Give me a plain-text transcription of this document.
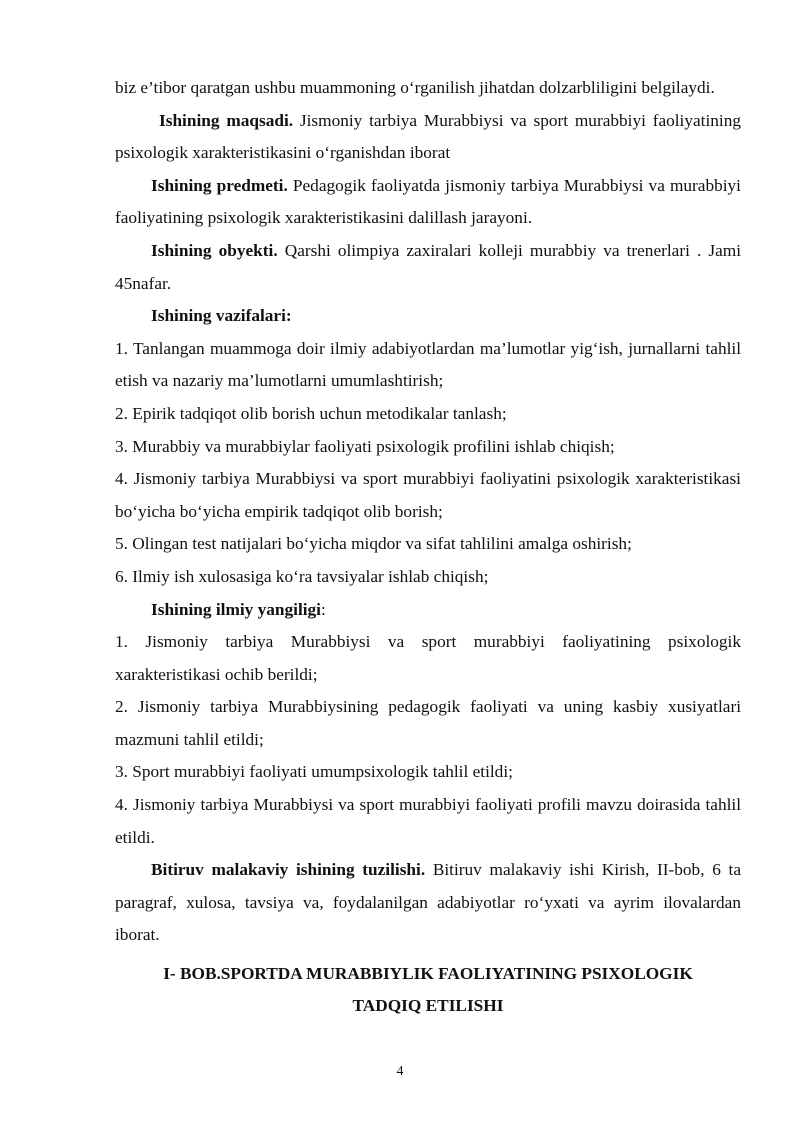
biz e’tibor qaratgan ushbu muammoning o‘rganilish jihatdan dolzarbliligini belgilaydi.

Ishining maqsadi. Jismoniy tarbiya Murabbiysi va sport murabbiyi faoliyatining psixologik xarakteristikasini o‘rganishdan iborat

Ishining predmeti. Pedagogik faoliyatda jismoniy tarbiya Murabbiysi va murabbiyi faoliyatining psixologik xarakteristikasini dalillash jarayoni.

Ishining obyekti. Qarshi olimpiya zaxiralari kolleji murabbiy va trenerlari . Jami 45nafar.

Ishining vazifalari:

1. Tanlangan muammoga doir ilmiy adabiyotlardan ma’lumotlar yig‘ish, jurnallarni tahlil etish va nazariy ma’lumotlarni umumlashtirish;

2. Epirik tadqiqot olib borish uchun metodikalar tanlash;

3. Murabbiy va murabbiylar faoliyati psixologik profilini ishlab chiqish;

4. Jismoniy tarbiya Murabbiysi va sport murabbiyi faoliyatini psixologik xarakteristikasi bo‘yicha bo‘yicha empirik tadqiqot olib borish;

5. Olingan test natijalari bo‘yicha miqdor va sifat tahlilini amalga oshirish;

6. Ilmiy ish xulosasiga ko‘ra tavsiyalar ishlab chiqish;

Ishining ilmiy yangiligi:

1. Jismoniy tarbiya Murabbiysi va sport murabbiyi faoliyatining psixologik xarakteristikasi ochib berildi;

2. Jismoniy tarbiya Murabbiysining pedagogik faoliyati va uning kasbiy xusiyatlari mazmuni tahlil etildi;

3. Sport murabbiyi faoliyati umumpsixologik tahlil etildi;

4. Jismoniy tarbiya Murabbiysi va sport murabbiyi faoliyati profili mavzu doirasida tahlil etildi.

Bitiruv malakaviy ishining tuzilishi. Bitiruv malakaviy ishi Kirish, II-bob, 6 ta paragraf, xulosa, tavsiya va, foydalanilgan adabiyotlar ro‘yxati va ayrim ilovalardan iborat.

I- BOB.SPORTDA MURABBIYLIK FAOLIYATINING PSIXOLOGIK
TADQIQ ETILISHI
4
